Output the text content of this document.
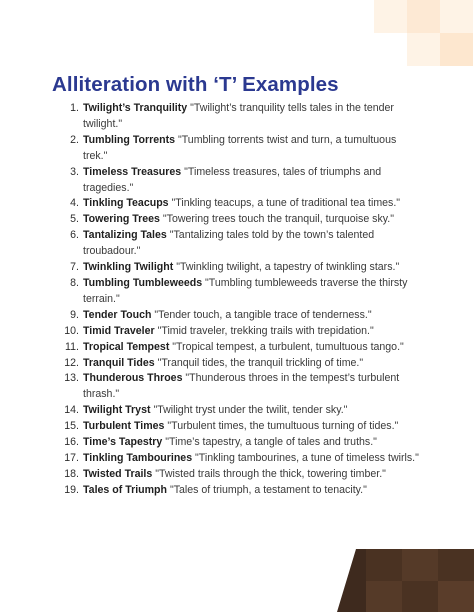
Alliteration with ‘T’ Examples
1. Twilight’s Tranquility "Twilight’s tranquility tells tales in the tender twilight."
2. Tumbling Torrents "Tumbling torrents twist and turn, a tumultuous trek."
3. Timeless Treasures "Timeless treasures, tales of triumphs and tragedies."
4. Tinkling Teacups "Tinkling teacups, a tune of traditional tea times."
5. Towering Trees "Towering trees touch the tranquil, turquoise sky."
6. Tantalizing Tales "Tantalizing tales told by the town’s talented troubadour."
7. Twinkling Twilight "Twinkling twilight, a tapestry of twinkling stars."
8. Tumbling Tumbleweeds "Tumbling tumbleweeds traverse the thirsty terrain."
9. Tender Touch "Tender touch, a tangible trace of tenderness."
10. Timid Traveler "Timid traveler, trekking trails with trepidation."
11. Tropical Tempest "Tropical tempest, a turbulent, tumultuous tango."
12. Tranquil Tides "Tranquil tides, the tranquil trickling of time."
13. Thunderous Throes "Thunderous throes in the tempest’s turbulent thrash."
14. Twilight Tryst "Twilight tryst under the twilit, tender sky."
15. Turbulent Times "Turbulent times, the tumultuous turning of tides."
16. Time’s Tapestry "Time’s tapestry, a tangle of tales and truths."
17. Tinkling Tambourines "Tinkling tambourines, a tune of timeless twirls."
18. Twisted Trails "Twisted trails through the thick, towering timber."
19. Tales of Triumph "Tales of triumph, a testament to tenacity."
